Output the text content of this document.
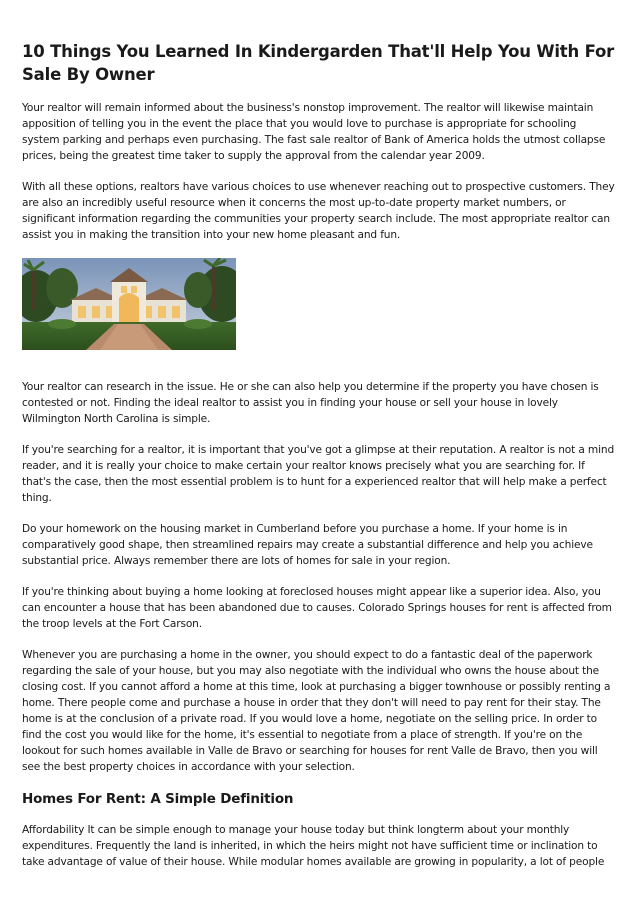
10 Things You Learned In Kindergarden That'll Help You With For Sale By Owner

Your realtor will remain informed about the business's nonstop improvement. The realtor will likewise maintain apposition of telling you in the event the place that you would love to purchase is appropriate for schooling system parking and perhaps even purchasing. The fast sale realtor of Bank of America holds the utmost collapse prices, being the greatest time taker to supply the approval from the calendar year 2009.

With all these options, realtors have various choices to use whenever reaching out to prospective customers. They are also an incredibly useful resource when it concerns the most up-to-date property market numbers, or significant information regarding the communities your property search include. The most appropriate realtor can assist you in making the transition into your new home pleasant and fun.

Your realtor can research in the issue. He or she can also help you determine if the property you have chosen is contested or not. Finding the ideal realtor to assist you in finding your house or sell your house in lovely Wilmington North Carolina is simple.

If you're searching for a realtor, it is important that you've got a glimpse at their reputation. A realtor is not a mind reader, and it is really your choice to make certain your realtor knows precisely what you are searching for. If that's the case, then the most essential problem is to hunt for a experienced realtor that will help make a perfect thing.

Do your homework on the housing market in Cumberland before you purchase a home. If your home is in comparatively good shape, then streamlined repairs may create a substantial difference and help you achieve substantial price. Always remember there are lots of homes for sale in your region.

If you're thinking about buying a home looking at foreclosed houses might appear like a superior idea. Also, you can encounter a house that has been abandoned due to causes. Colorado Springs houses for rent is affected from the troop levels at the Fort Carson.

Whenever you are purchasing a home in the owner, you should expect to do a fantastic deal of the paperwork regarding the sale of your house, but you may also negotiate with the individual who owns the house about the closing cost. If you cannot afford a home at this time, look at purchasing a bigger townhouse or possibly renting a home. There people come and purchase a house in order that they don't will need to pay rent for their stay. The home is at the conclusion of a private road. If you would love a home, negotiate on the selling price. In order to find the cost you would like for the home, it's essential to negotiate from a place of strength. If you're on the lookout for such homes available in Valle de Bravo or searching for houses for rent Valle de Bravo, then you will see the best property choices in accordance with your selection.

Homes For Rent: A Simple Definition

Affordability It can be simple enough to manage your house today but think longterm about your monthly expenditures. Frequently the land is inherited, in which the heirs might not have sufficient time or inclination to take advantage of value of their house. While modular homes available are growing in popularity, a lot of people
